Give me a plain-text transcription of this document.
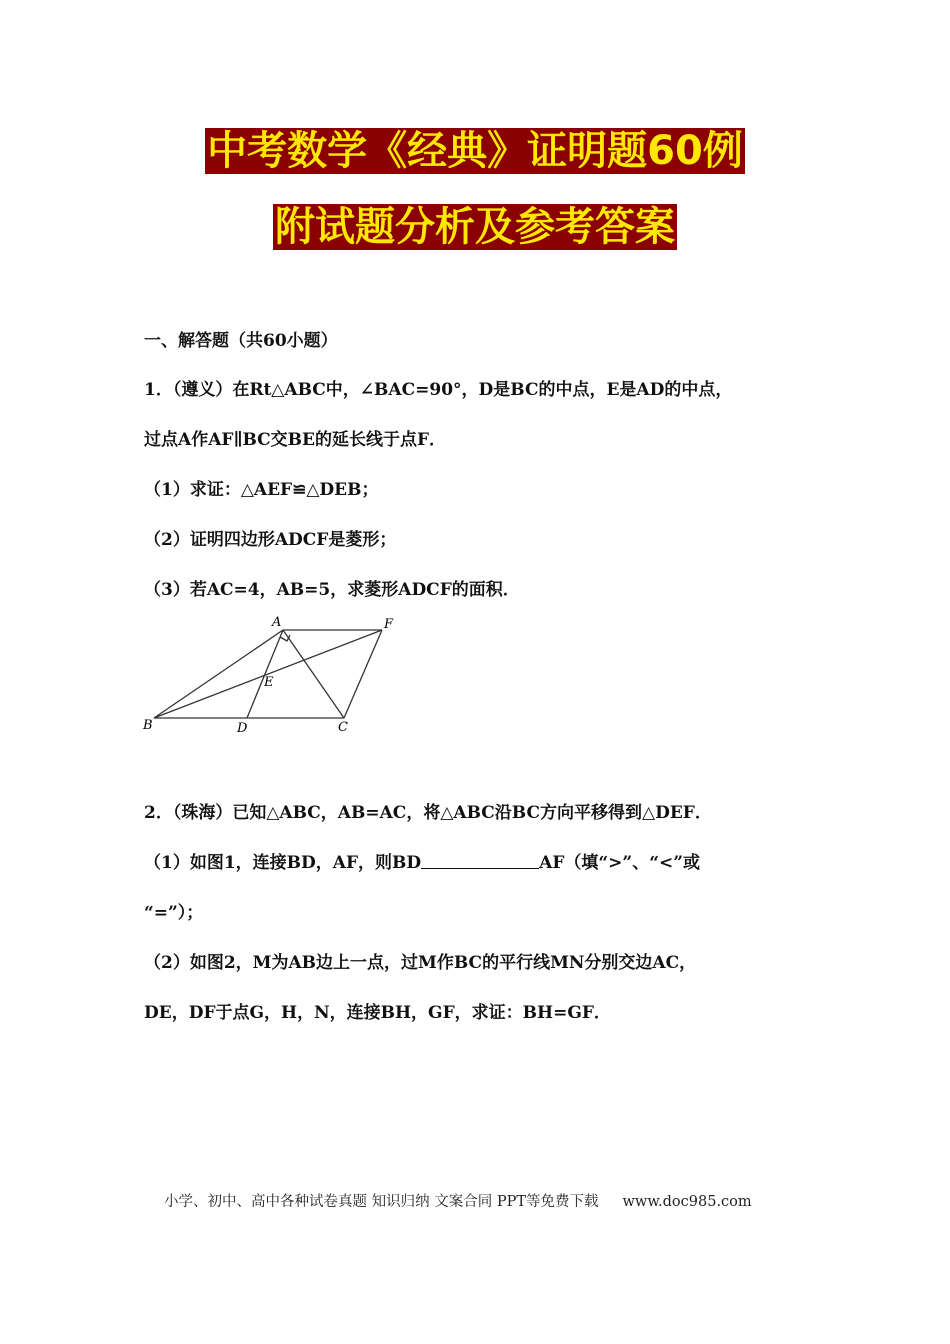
中考数学《经典》证明题60例
附试题分析及参考答案
一、解答题（共60小题）
1．（遵义）在Rt△ABC中，∠BAC=90°，D是BC的中点，E是AD的中点，
过点A作AF∥BC交BE的延长线于点F．
（1）求证：△AEF≌△DEB；
（2）证明四边形ADCF是菱形；
（3）若AC=4，AB=5，求菱形ADCF的面积．
A	F
E
B	D	C
2．（珠海）已知△ABC，AB=AC，将△ABC沿BC方向平移得到△DEF．
（1）如图1，连接BD，AF，则BD	AF（填“>”、“<”或
“=”）；
（2）如图2，M为AB边上一点，过M作BC的平行线MN分别交边AC，
DE，DF于点G，H，N，连接BH，GF，求证：BH=GF．
小学、初中、高中各种试卷真题 知识归纳 文案合同 PPT等免费下载 www.doc985.com
